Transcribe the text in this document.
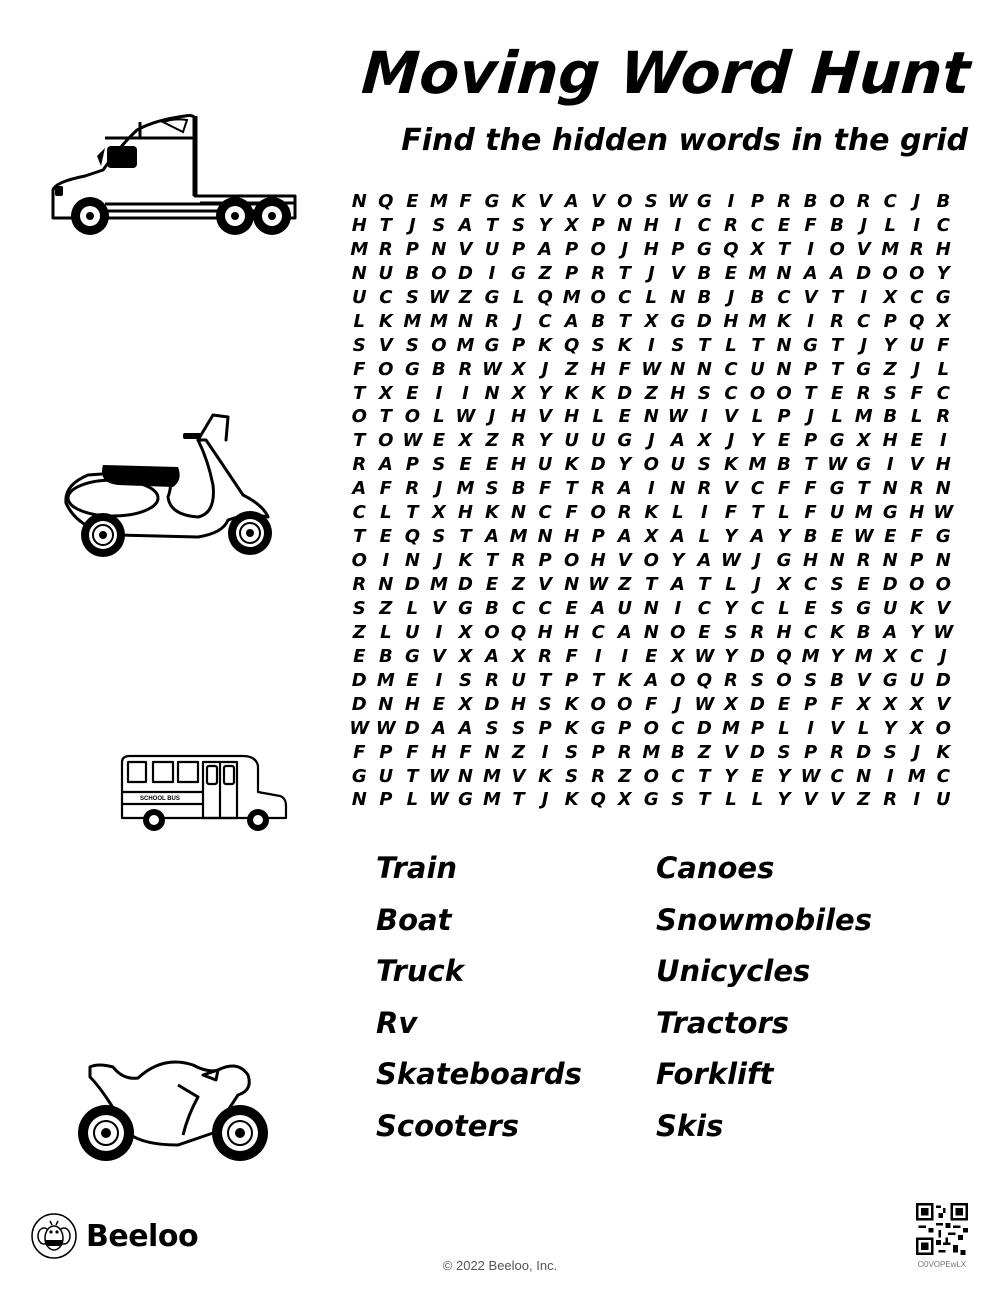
Moving Word Hunt
Find the hidden words in the grid
SCHOOL BUS
N Q E M F G K V A V O S W G I P R B O R C J B
H T J S A T S Y X P N H I C R C E F B J L I C
M R P N V U P A P O J H P G Q X T I O V M R H
N U B O D I G Z P R T J V B E M N A A D O O Y
U C S W Z G L Q M O C L N B J B C V T I X C G
L K M M N R J C A B T X G D H M K I R C P Q X
S V S O M G P K Q S K I S T L T N G T J Y U F
F O G B R W X J Z H F W N N C U N P T G Z J L
T X E I	I N X Y K K D Z H S C O O T E R S F C
O T O L W J H V H L E N W I V L P J L M B L R
T O W E X Z R Y U U G J A X J Y E P G X H E I
R A P S E E H U K D Y O U S K M B T W G I V H
A F R J M S B F T R A I N R V C F F G T N R N
C L T X H K N C F O R K L I F T L F U M G H W
T E Q S T A M N H P A X A L Y A Y B E W E F G
O I N J K T R P O H V O Y A W J G H N R N P N
R N D M D E Z V N W Z T A T L J X C S E D O O
S Z L V G B C C E A U N I C Y C L E S G U K V
Z L U I X O Q H H C A N O E S R H C K B A Y W
E B G V X A X R F I	I E X W Y D Q M Y M X C J
D M E I S R U T P T K A O Q R S O S B V G U D
D N H E X D H S K O O F J W X D E P F X X X V
W W D A A S S P K G P O C D M P L I V L Y X O
F P F H F N Z I S P R M B Z V D S P R D S J K
G U T W N M V K S R Z O C T Y E Y W C N I M C
N P L W G M T J K Q X G S T L L Y V V Z R I U
Train	Canoes
Boat	Snowmobiles
Truck	Unicycles
Rv	Tractors
Skateboards	Forklift
Scooters	Skis
Beeloo
© 2022 Beeloo, Inc.	O0VOPEwLX
